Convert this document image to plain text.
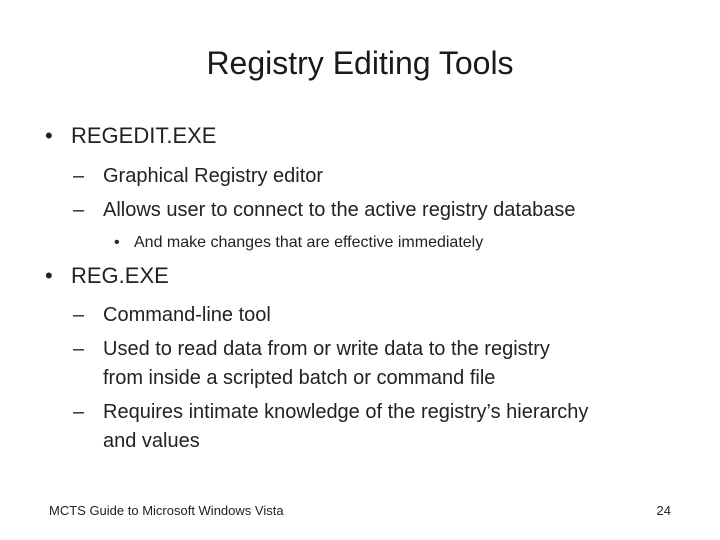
Registry Editing Tools
• REGEDIT.EXE
– Graphical Registry editor
– Allows user to connect to the active registry database
• And make changes that are effective immediately
• REG.EXE
– Command-line tool
– Used to read data from or write data to the registry
from inside a scripted batch or command file
– Requires intimate knowledge of the registry’s hierarchy
and values
MCTS Guide to Microsoft Windows Vista	24
